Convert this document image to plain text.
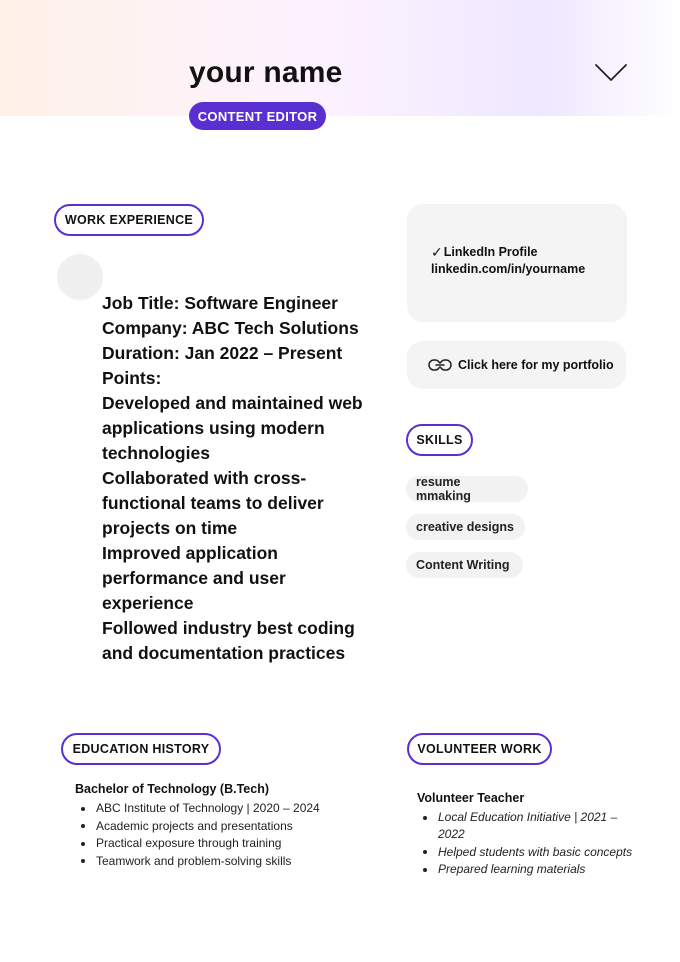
your name
CONTENT EDITOR
WORK EXPERIENCE
Job Title: Software Engineer
Company: ABC Tech Solutions
Duration: Jan 2022 – Present
Points:
Developed and maintained web applications using modern technologies
Collaborated with cross-functional teams to deliver projects on time
Improved application performance and user experience
Followed industry best coding and documentation practices
✓ LinkedIn Profile
linkedin.com/in/yourname
Click here for my portfolio
SKILLS
resume mmaking
creative designs
Content Writing
EDUCATION HISTORY
Bachelor of Technology (B.Tech)
ABC Institute of Technology | 2020 – 2024
Academic projects and presentations
Practical exposure through training
Teamwork and problem-solving skills
VOLUNTEER WORK
Volunteer Teacher
Local Education Initiative | 2021 – 2022
Helped students with basic concepts
Prepared learning materials
